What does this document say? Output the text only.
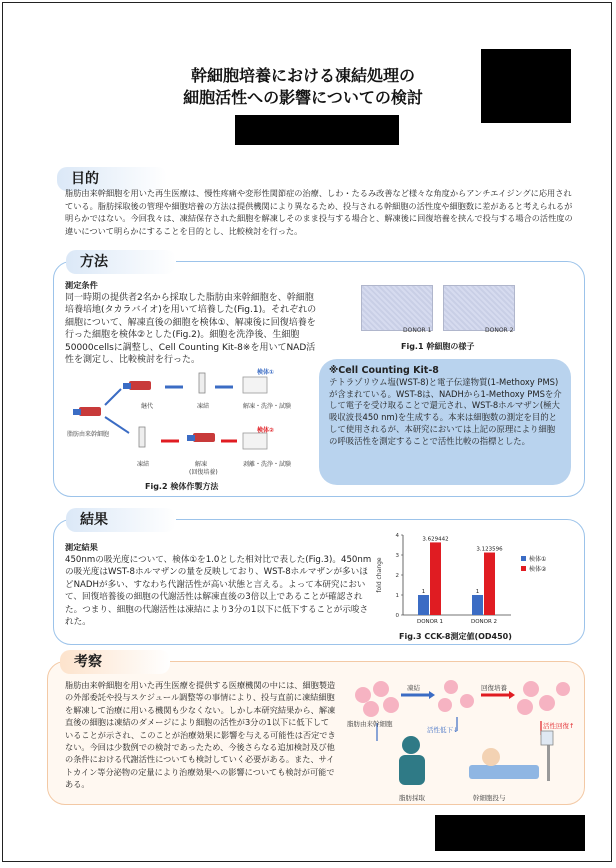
幹細胞培養における凍結処理の
細胞活性への影響についての検討
目的
脂肪由来幹細胞を用いた再生医療は、慢性疼痛や変形性関節症の治療、しわ・たるみ改善など様々な角度からアンチエイジングに応用されている。脂肪採取後の管理や細胞培養の方法は提供機関により異なるため、投与される幹細胞の活性度や細胞数に差があると考えられるが明らかではない。今回我々は、凍結保存された細胞を解凍しそのまま投与する場合と、解凍後に回復培養を挟んで投与する場合の活性度の違いについて明らかにすることを目的とし、比較検討を行った。
方法
測定条件

同一時期の提供者2名から採取した脂肪由来幹細胞を、幹細胞培養培地(タカラバイオ)を用いて培養した(Fig.1)。それぞれの細胞について、解凍直後の細胞を検体①、解凍後に回復培養を行った細胞を検体②とした(Fig.2)。細胞を洗浄後、生細胞50000cellsに調整し、Cell Counting Kit-8※を用いてNAD活性を測定し、比較検討を行った。

DONOR 1	DONOR 2
Fig.1 幹細胞の様子
脂肪由来幹細胞
継代	凍結	解凍・洗浄・試験
検体①
凍結	解凍
(回復培養)
剥離・洗浄・試験
検体②
Fig.2 検体作製方法
※Cell Counting Kit-8
テトラゾリウム塩(WST-8)と電子伝達物質(1-Methoxy PMS)が含まれている。WST-8は、NADHから1-Methoxy PMSを介して電子を受け取ることで還元され、WST-8ホルマザン(極大吸収波長450 nm)を生成する。本来は細胞数の測定を目的として使用されるが、本研究においては上記の原理により細胞の呼吸活性を測定することで活性比較の指標とした。
結果
測定結果

450nmの吸光度について、検体①を1.0とした相対比で表した(Fig.3)。450nmの吸光度はWST-8ホルマザンの量を反映しており、WST-8ホルマザンが多いほどNADHが多い、すなわち代謝活性が高い状態と言える。よって本研究において、回復培養後の細胞の代謝活性は解凍直後の3倍以上であることが確認された。つまり、細胞の代謝活性は凍結により3分の1以下に低下することが示唆された。

4
3
2
1
0
fold change	1
3.629442
DONOR 1
1
3.123596
DONOR 2
検体①
検体②
Fig.3 CCK-8測定値(OD450)
考察
脂肪由来幹細胞を用いた再生医療を提供する医療機関の中には、細胞製造の外部委託や投与スケジュール調整等の事情により、投与直前に凍結細胞を解凍して治療に用いる機関も少なくない。しかし本研究結果から、解凍直後の細胞は凍結のダメージにより細胞の活性が3分の1以下に低下していることが示され、このことが治療効果に影響を与える可能性は否定できない。今回は少数例での検討であったため、今後さらなる追加検討及び他の条件における代謝活性についても検討していく必要がある。また、サイトカイン等分泌物の定量により治療効果への影響についても検討が可能である。
脂肪由来幹細胞
凍結	回復培養
活性低下↓	活性回復↑
脂肪採取	幹細胞投与
